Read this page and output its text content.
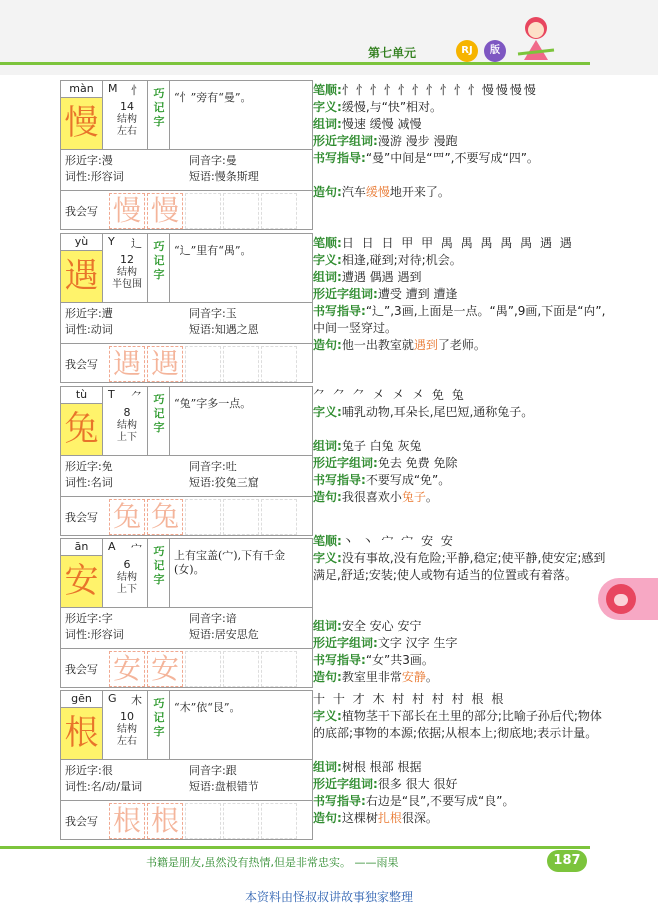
第七单元	RJ	版
màn
慢
M 忄
14
结构
左右
巧记字
“忄”旁有“曼”。
形近字:漫	同音字:曼
词性:形容词	短语:慢条斯理
我会写 慢 慢
笔顺:忄忄忄忄忄忄忄忄忄忄慢慢慢慢
字义:缓慢,与“快”相对。
组词:慢速 缓慢 减慢
形近字组词:漫游 漫步 漫跑
书写指导:“曼”中间是“罒”,不要写成“四”。
造句:汽车缓慢地开来了。
yù
遇
Y 辶
12
结构
半包围
巧记字
“辶”里有“禺”。
形近字:遭	同音字:玉
词性:动词	短语:知遇之恩
我会写 遇 遇
笔顺:日 日 日 甲 甲 禺 禺 禺 禺 禺 遇 遇
字义:相逢,碰到;对待;机会。
组词:遭遇 偶遇 遇到
形近字组词:遭受 遭到 遭逢
书写指导:“辶”,3画,上面是一点。“禺”,9画,下面是“禸”,中间一竖穿过。
造句:他一出教室就遇到了老师。
tù
兔
T ⺈
8
结构
上下
巧记字
“兔”字多一点。
形近字:免	同音字:吐
词性:名词	短语:狡兔三窟
我会写 兔 兔
⺈ ⺈ ⺈ 㐅 㐅 㐅 免 兔
字义:哺乳动物,耳朵长,尾巴短,通称兔子。
组词:兔子 白兔 灰兔
形近字组词:免去 免费 免除
书写指导:不要写成“免”。
造句:我很喜欢小兔子。
ān
安
A 宀
6
结构
上下
巧记字
上有宝盖(宀),下有千金(女)。
形近字:字	同音字:谙
词性:形容词	短语:居安思危
我会写 安 安
笔顺:丶 丶 宀 宀 安 安
字义:没有事故,没有危险;平静,稳定;使平静,使安定;感到满足,舒适;安装;使人或物有适当的位置或有着落。
组词:安全 安心 安宁
形近字组词:文字 汉字 生字
书写指导:“女”共3画。
造句:教室里非常安静。
gēn
根
G 木
10
结构
左右
巧记字
“木”依“艮”。
形近字:很	同音字:跟
词性:名/动/量词	短语:盘根错节
我会写 根 根
十 十 才 木 村 村 村 村 根 根
字义:植物茎干下部长在土里的部分;比喻子孙后代;物体的底部;事物的本源;依据;从根本上;彻底地;表示计量。
组词:树根 根部 根据
形近字组词:很多 很大 很好
书写指导:右边是“艮”,不要写成“良”。
造句:这棵树扎根很深。
书籍是朋友,虽然没有热情,但是非常忠实。 ——雨果	187
本资料由怪叔叔讲故事独家整理
